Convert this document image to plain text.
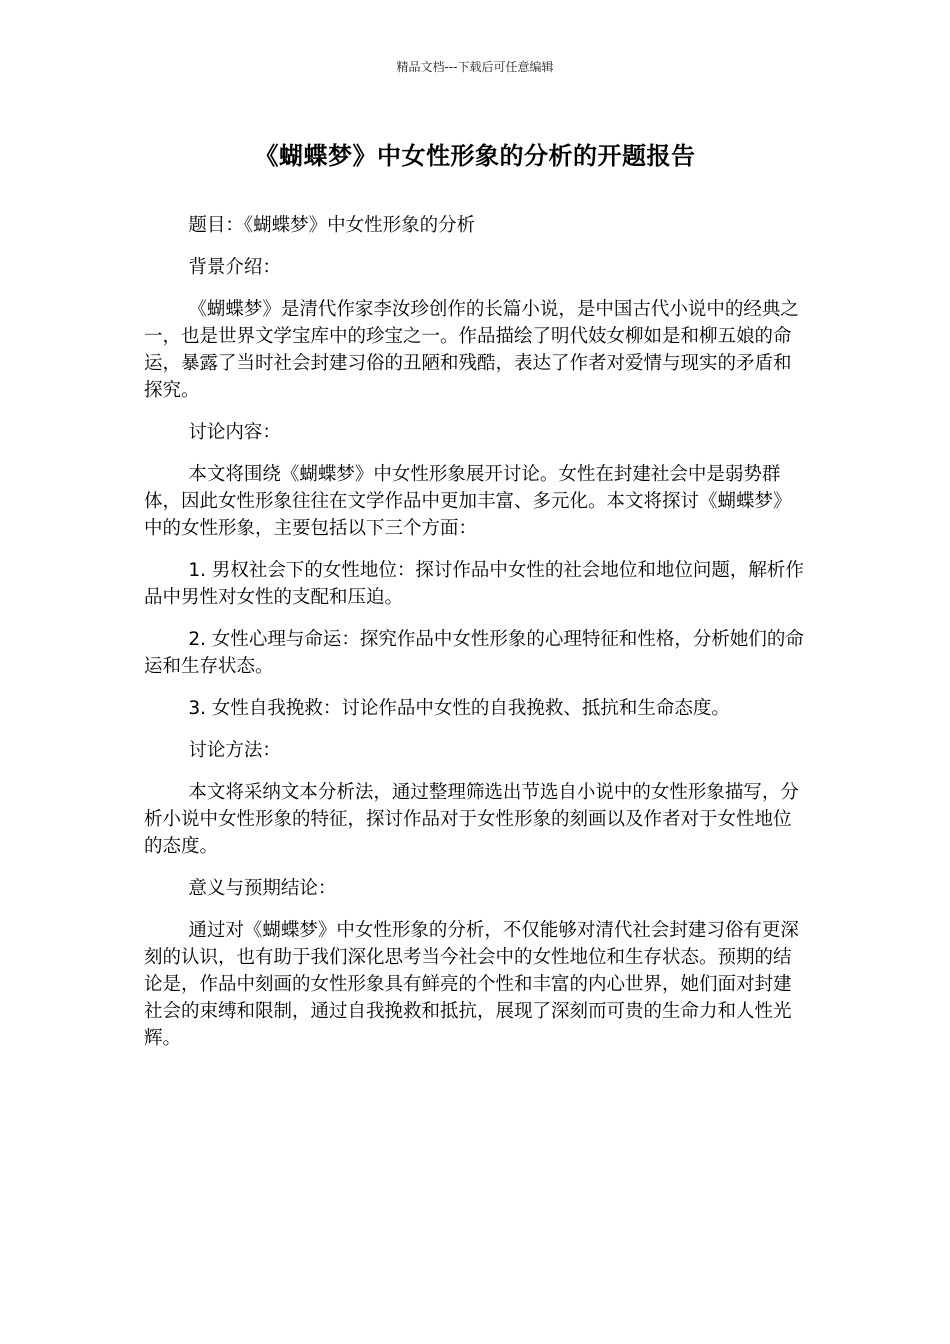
精品文档---下载后可任意编辑
《蝴蝶梦》中女性形象的分析的开题报告

题目：《蝴蝶梦》中女性形象的分析

背景介绍：

《蝴蝶梦》是清代作家李汝珍创作的长篇小说，是中国古代小说中的经典之一，也是世界文学宝库中的珍宝之一。作品描绘了明代妓女柳如是和柳五娘的命运，暴露了当时社会封建习俗的丑陋和残酷，表达了作者对爱情与现实的矛盾和探究。

讨论内容：

本文将围绕《蝴蝶梦》中女性形象展开讨论。女性在封建社会中是弱势群体，因此女性形象往往在文学作品中更加丰富、多元化。本文将探讨《蝴蝶梦》中的女性形象，主要包括以下三个方面：

1. 男权社会下的女性地位：探讨作品中女性的社会地位和地位问题，解析作品中男性对女性的支配和压迫。

2. 女性心理与命运：探究作品中女性形象的心理特征和性格，分析她们的命运和生存状态。

3. 女性自我挽救：讨论作品中女性的自我挽救、抵抗和生命态度。

讨论方法：

本文将采纳文本分析法，通过整理筛选出节选自小说中的女性形象描写，分析小说中女性形象的特征，探讨作品对于女性形象的刻画以及作者对于女性地位的态度。

意义与预期结论：

通过对《蝴蝶梦》中女性形象的分析，不仅能够对清代社会封建习俗有更深刻的认识，也有助于我们深化思考当今社会中的女性地位和生存状态。预期的结论是，作品中刻画的女性形象具有鲜亮的个性和丰富的内心世界，她们面对封建社会的束缚和限制，通过自我挽救和抵抗，展现了深刻而可贵的生命力和人性光辉。
